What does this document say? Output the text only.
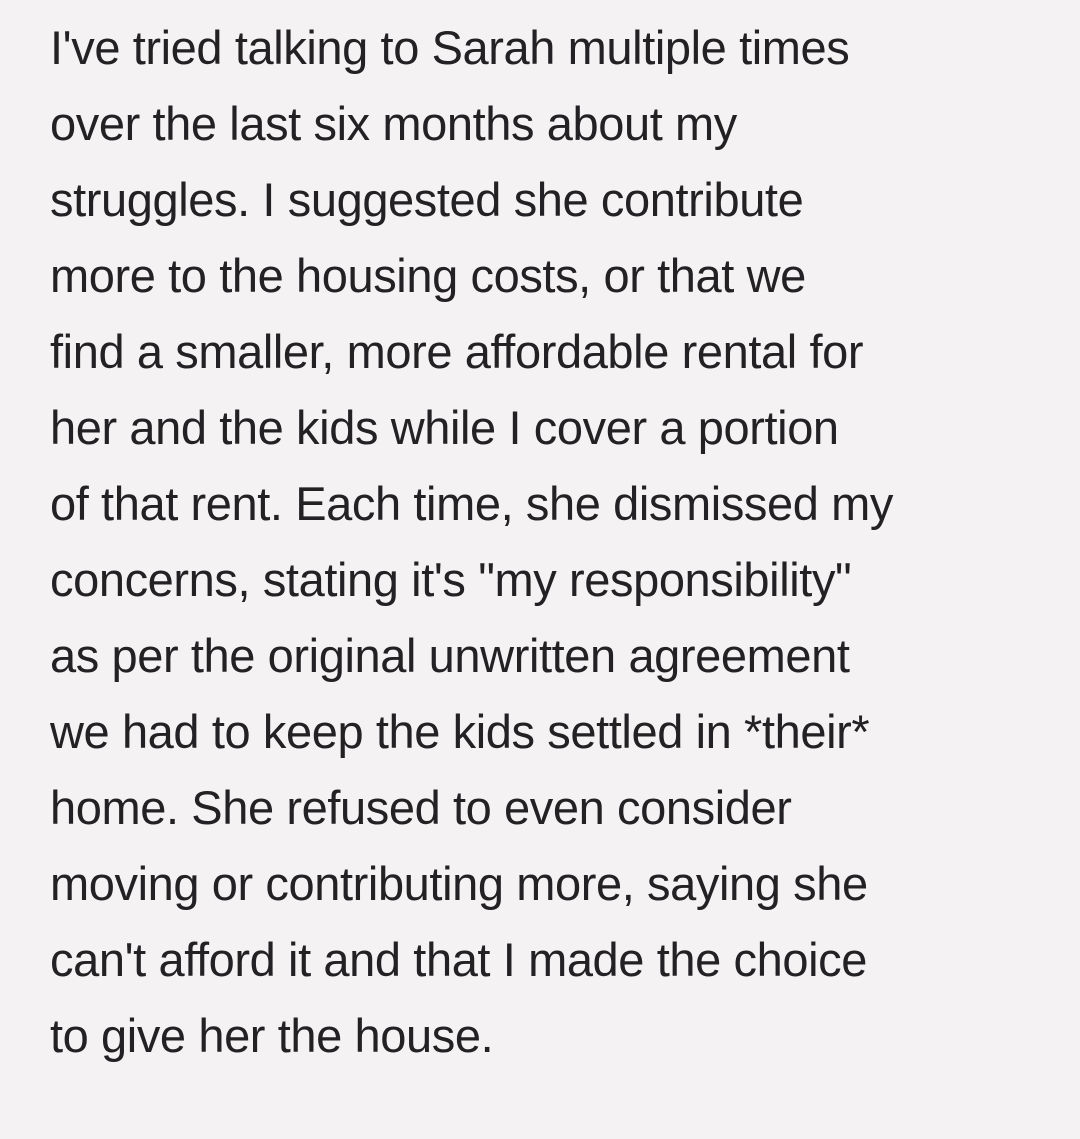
I've tried talking to Sarah multiple times
over the last six months about my
struggles. I suggested she contribute
more to the housing costs, or that we
find a smaller, more affordable rental for
her and the kids while I cover a portion
of that rent. Each time, she dismissed my
concerns, stating it's "my responsibility"
as per the original unwritten agreement
we had to keep the kids settled in *their*
home. She refused to even consider
moving or contributing more, saying she
can't afford it and that I made the choice
to give her the house.
